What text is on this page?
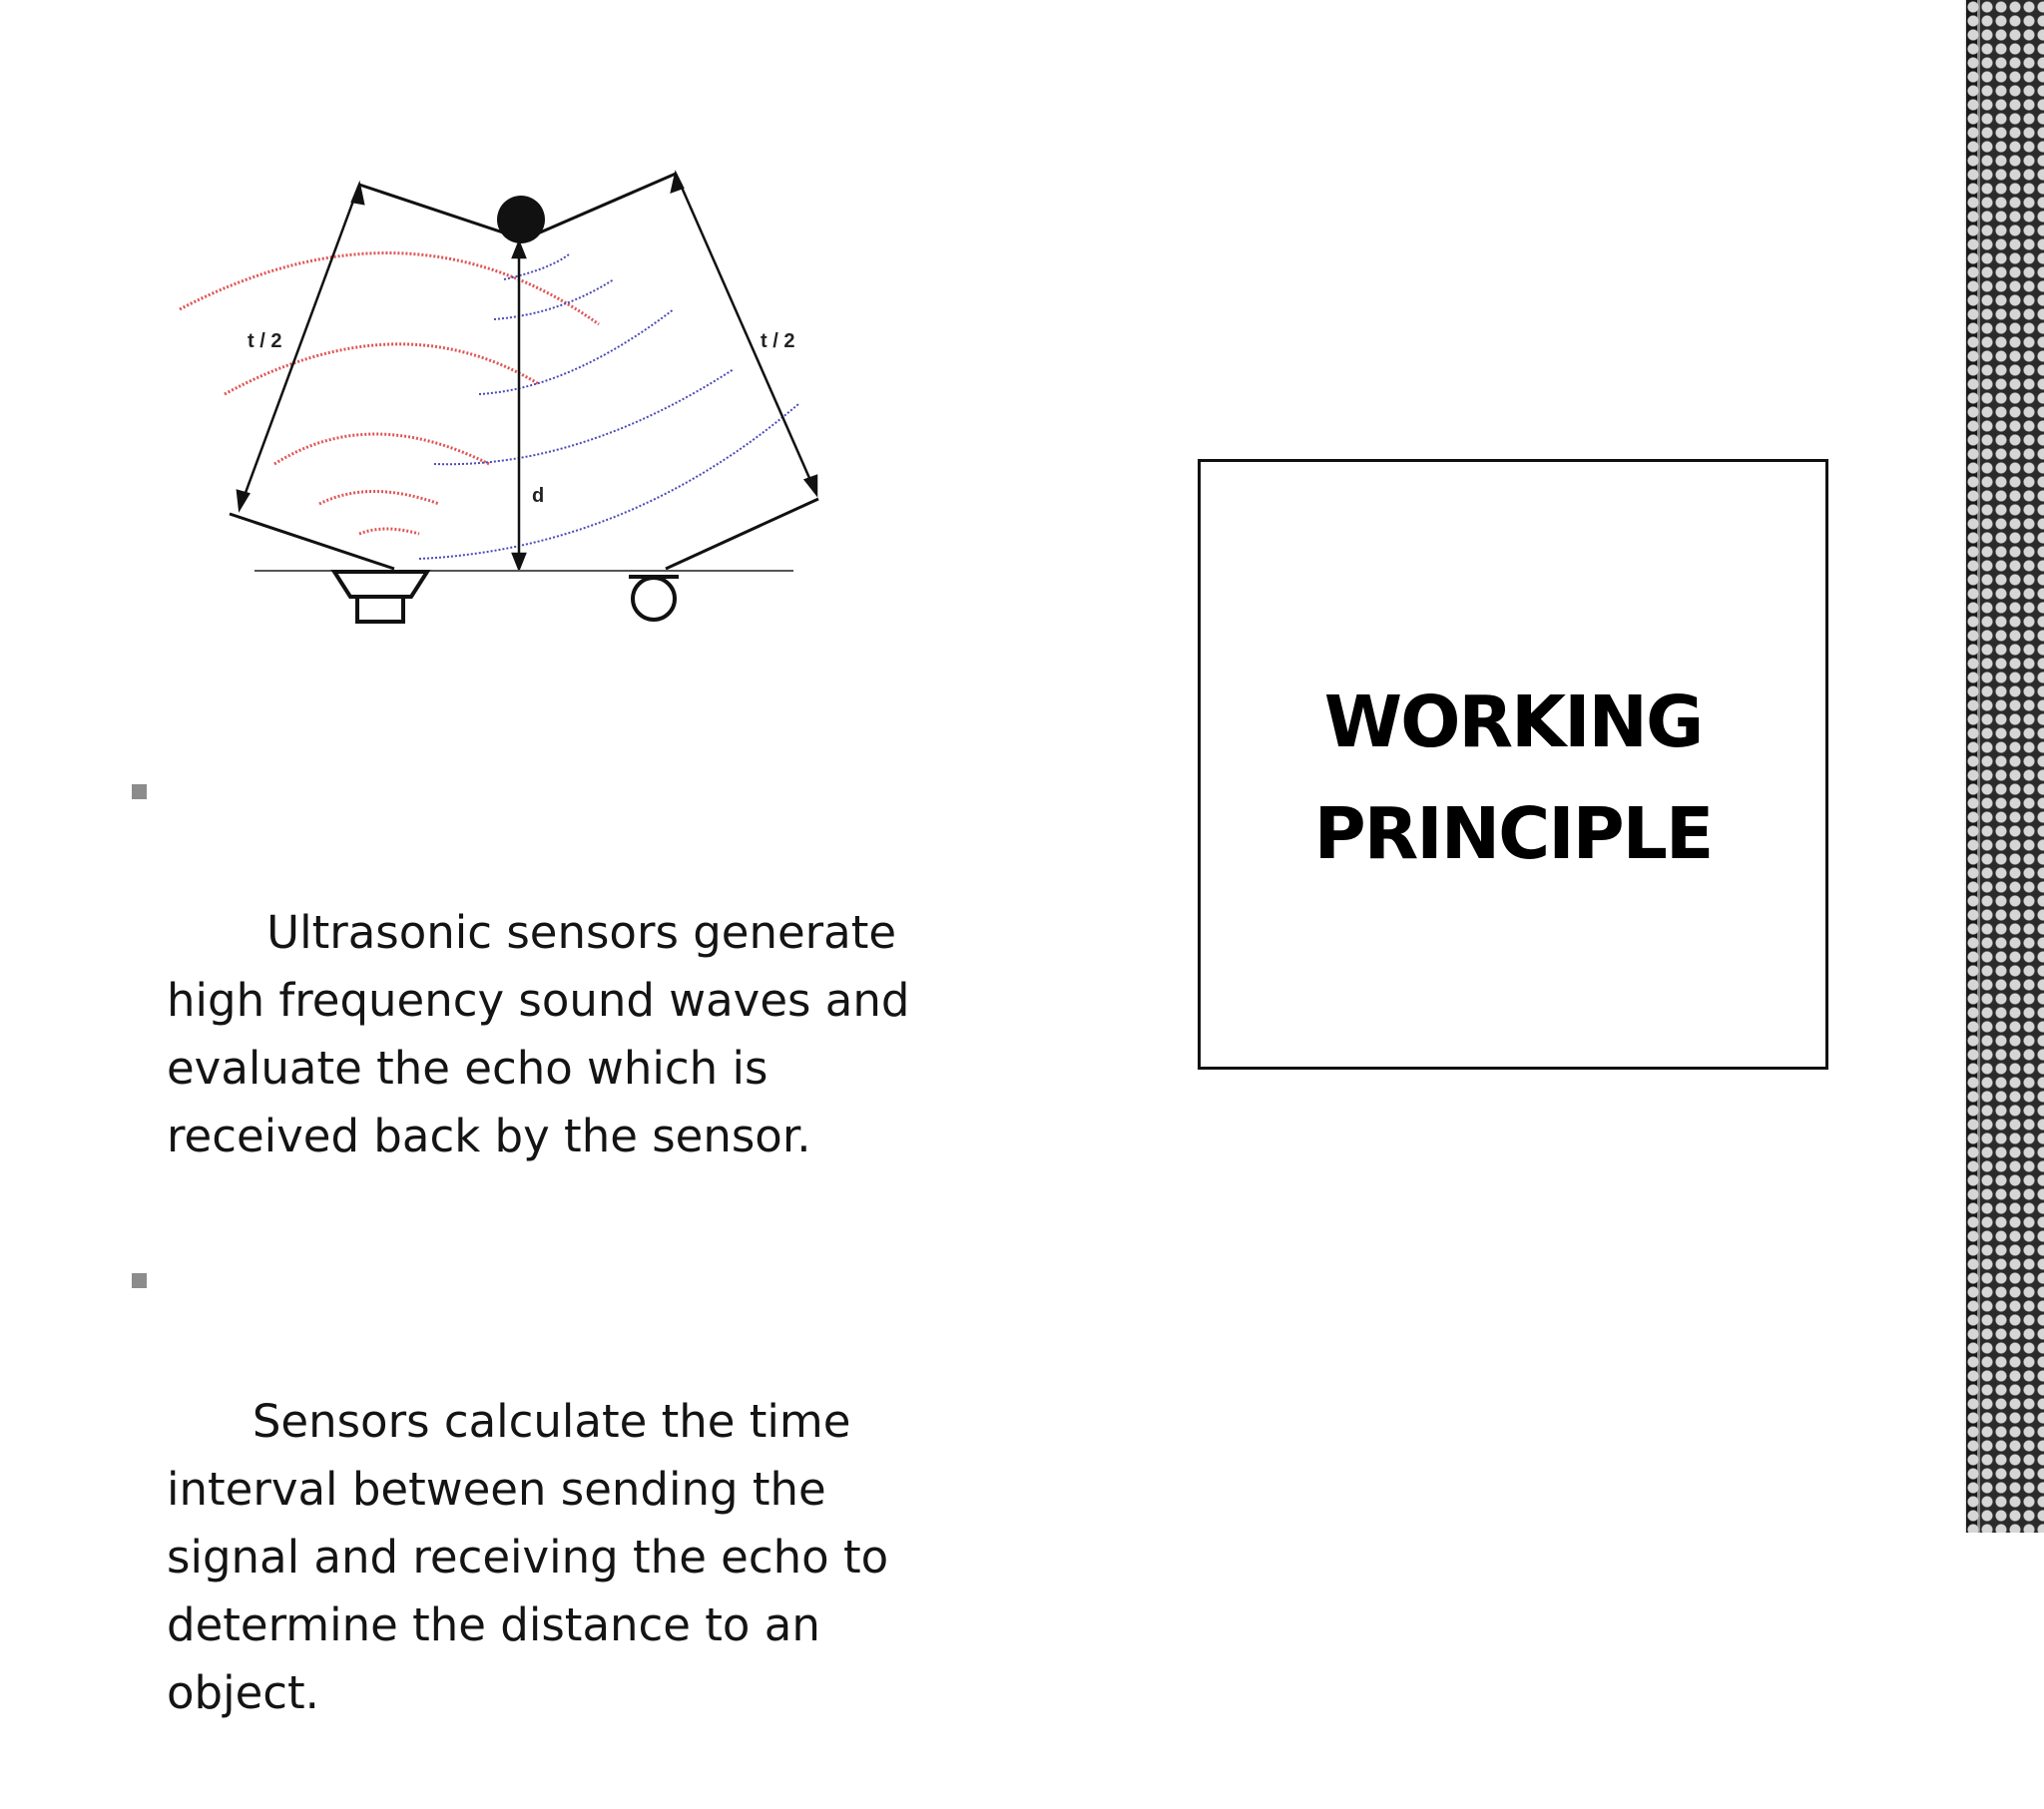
t / 2	t / 2
d

Ultrasonic sensors generate high frequency sound waves and evaluate the echo which is received back by the sensor.

Sensors calculate the time interval between sending the signal and receiving the echo to determine the distance to an object.

WORKING
PRINCIPLE
